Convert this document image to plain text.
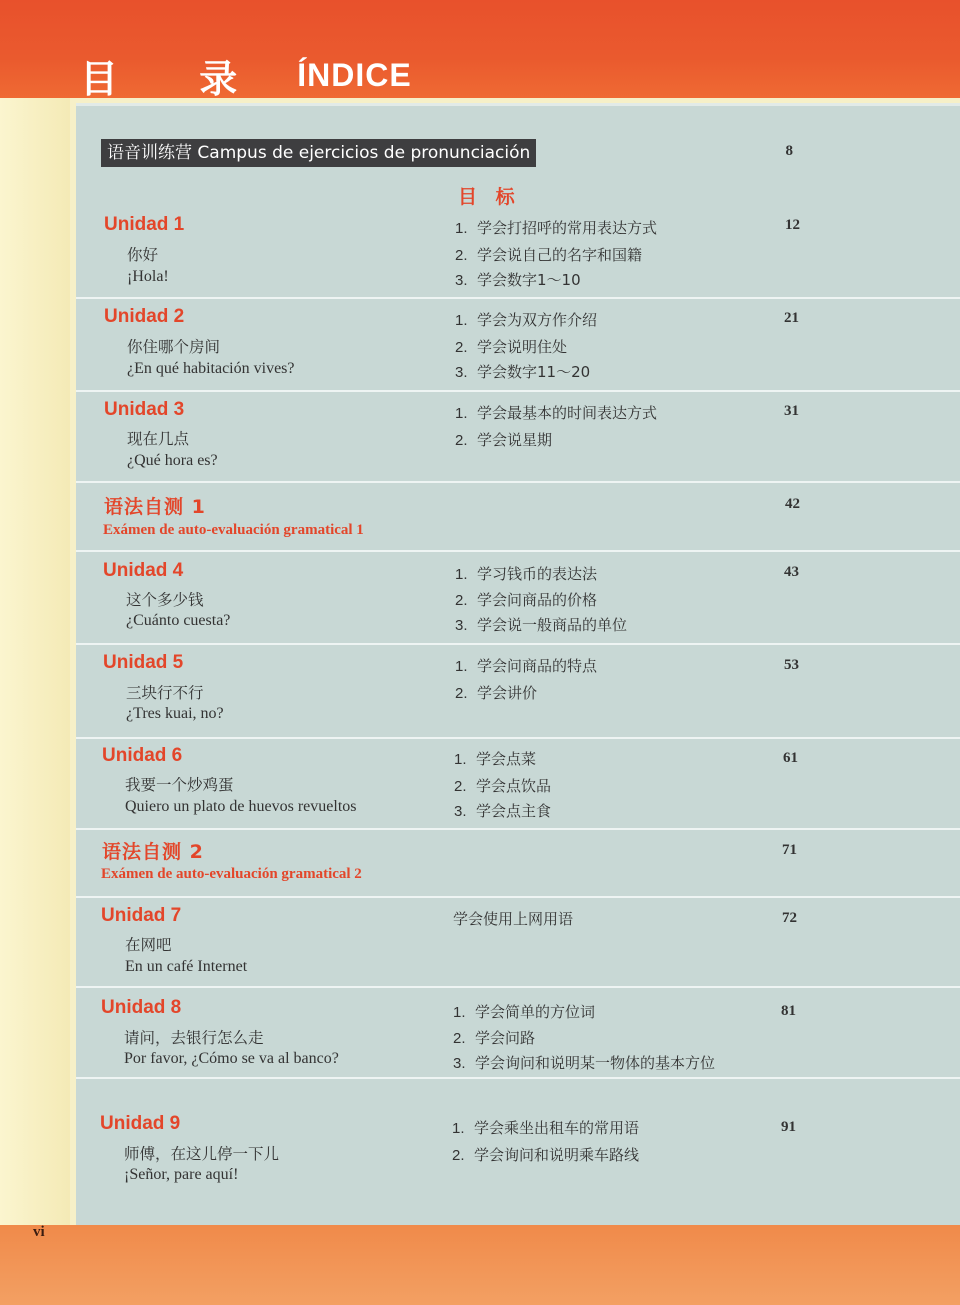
目 录 ÍNDICE
vi
语音训练营 Campus de ejercicios de pronunciación	8
目 标
Unidad 1
你好
¡Hola!
1. 学会打招呼的常用表达方式
2. 学会说自己的名字和国籍
3. 学会数字1～10
12
Unidad 2
你住哪个房间
¿En qué habitación vives?
1. 学会为双方作介绍
2. 学会说明住处
3. 学会数字11～20
21
Unidad 3
现在几点
¿Qué hora es?
1. 学会最基本的时间表达方式
2. 学会说星期
31
语法自测 1
Exámen de auto-evaluación gramatical 1
42
Unidad 4
这个多少钱
¿Cuánto cuesta?
1. 学习钱币的表达法
2. 学会问商品的价格
3. 学会说一般商品的单位
43
Unidad 5
三块行不行
¿Tres kuai, no?
1. 学会问商品的特点
2. 学会讲价
53
Unidad 6
我要一个炒鸡蛋
Quiero un plato de huevos revueltos
1. 学会点菜
2. 学会点饮品
3. 学会点主食
61
语法自测 2
Exámen de auto-evaluación gramatical 2
71
Unidad 7
在网吧
En un café Internet
学会使用上网用语	72
Unidad 8
请问，去银行怎么走
Por favor, ¿Cómo se va al banco?
1. 学会简单的方位词
2. 学会问路
3. 学会询问和说明某一物体的基本方位
81
Unidad 9
师傅，在这儿停一下儿
¡Señor, pare aquí!
1. 学会乘坐出租车的常用语
2. 学会询问和说明乘车路线
91
